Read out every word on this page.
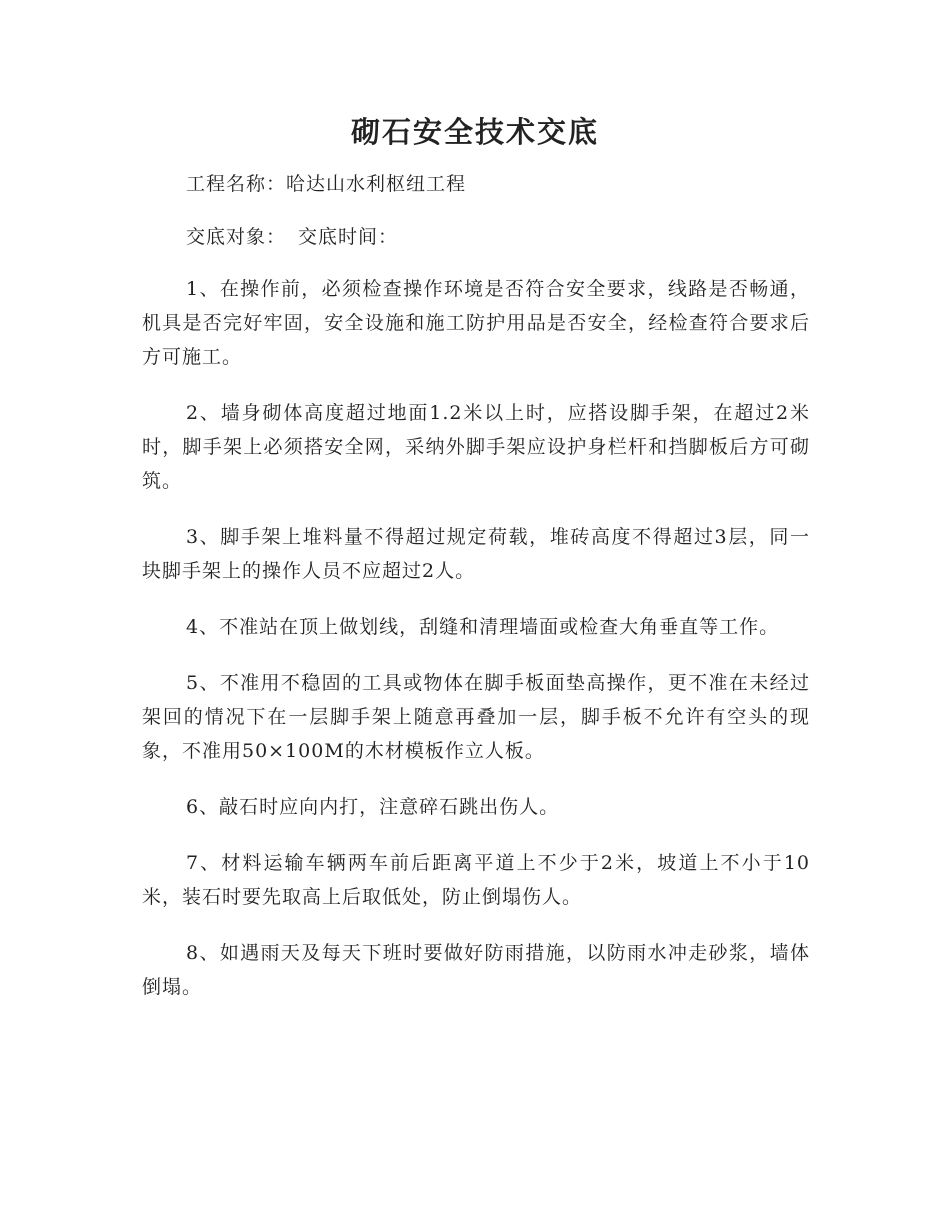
砌石安全技术交底
工程名称：哈达山水利枢纽工程
交底对象： 交底时间：

1、在操作前，必须检查操作环境是否符合安全要求，线路是否畅通，机具是否完好牢固，安全设施和施工防护用品是否安全，经检查符合要求后方可施工。

2、墙身砌体高度超过地面1.2米以上时，应搭设脚手架，在超过2米时，脚手架上必须搭安全网，采纳外脚手架应设护身栏杆和挡脚板后方可砌筑。

3、脚手架上堆料量不得超过规定荷载，堆砖高度不得超过3层，同一块脚手架上的操作人员不应超过2人。

4、不准站在顶上做划线，刮缝和清理墙面或检查大角垂直等工作。

5、不准用不稳固的工具或物体在脚手板面垫高操作，更不准在未经过架回的情况下在一层脚手架上随意再叠加一层，脚手板不允许有空头的现象，不准用50×100M的木材模板作立人板。

6、敲石时应向内打，注意碎石跳出伤人。

7、材料运输车辆两车前后距离平道上不少于2米，坡道上不小于10米，装石时要先取高上后取低处，防止倒塌伤人。

8、如遇雨天及每天下班时要做好防雨措施，以防雨水冲走砂浆，墙体倒塌。
